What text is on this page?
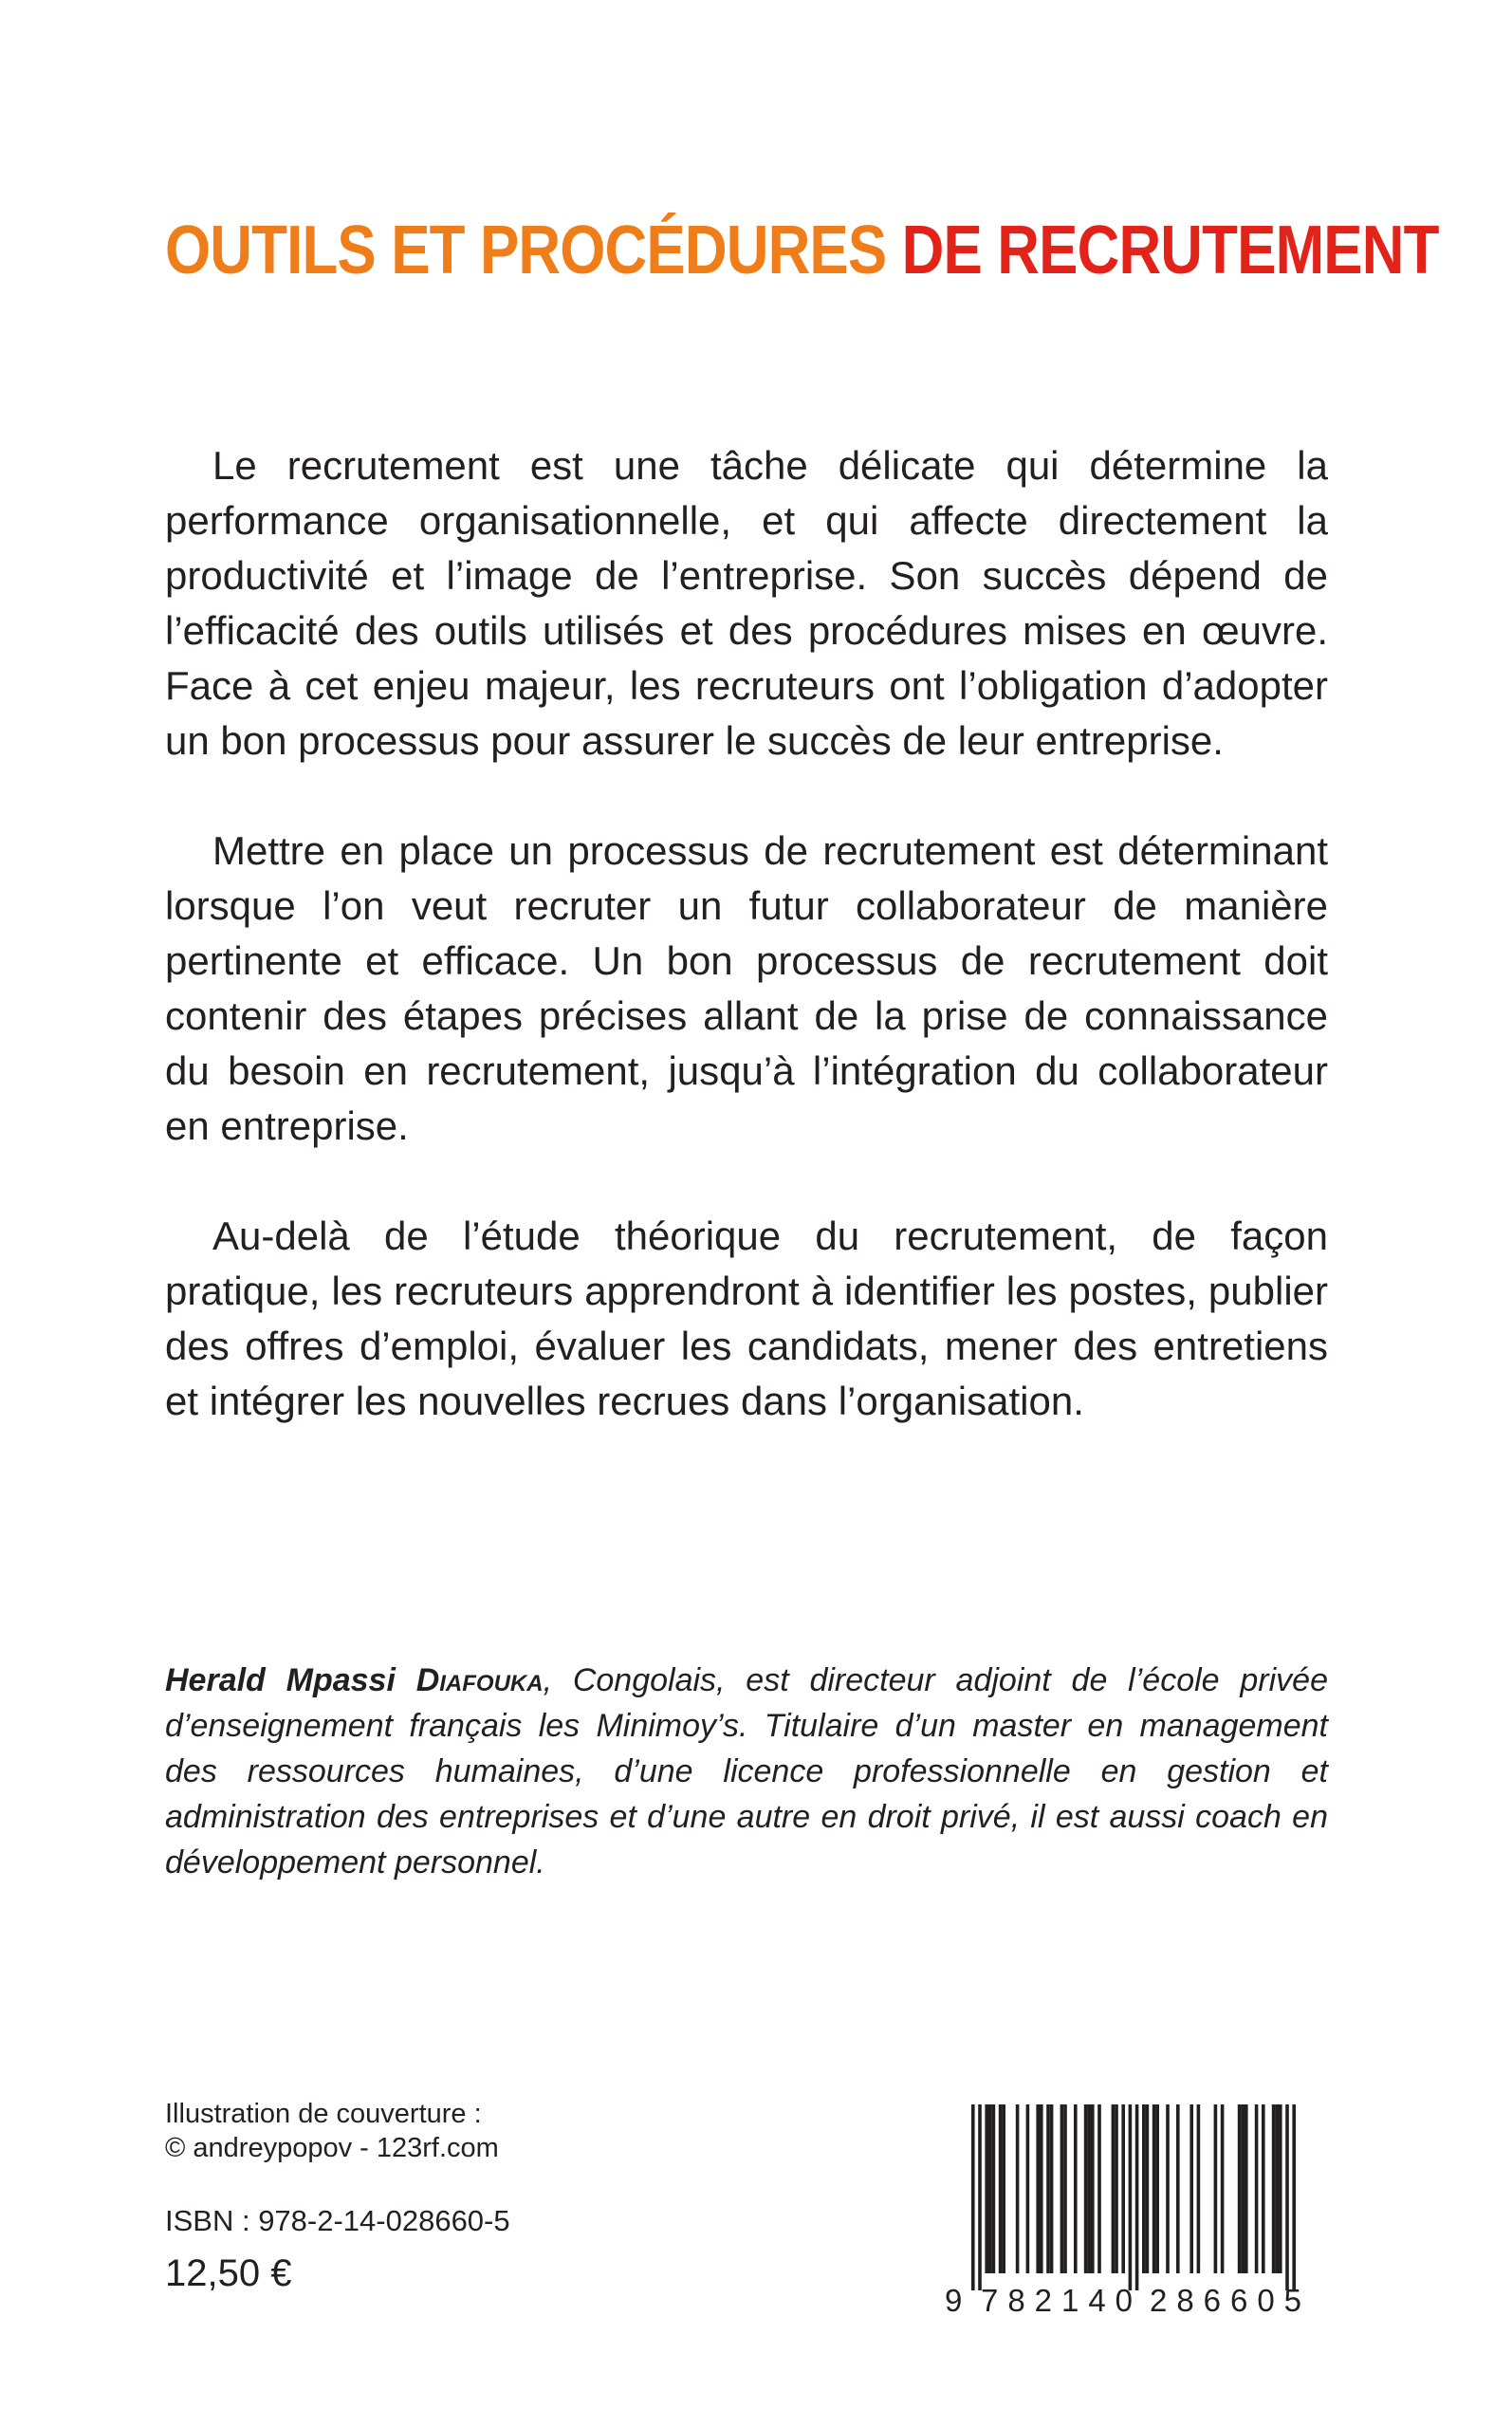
OUTILS ET PROCÉDURES DE RECRUTEMENT

Le recrutement est une tâche délicate qui détermine la performance organisationnelle, et qui affecte directement la productivité et l’image de l’entreprise. Son succès dépend de l’efficacité des outils utilisés et des procédures mises en œuvre. Face à cet enjeu majeur, les recruteurs ont l’obligation d’adopter un bon processus pour assurer le succès de leur entreprise.

Mettre en place un processus de recrutement est déterminant lorsque l’on veut recruter un futur collaborateur de manière pertinente et efficace. Un bon processus de recrutement doit contenir des étapes précises allant de la prise de connaissance du besoin en recrutement, jusqu’à l’intégration du collaborateur en entreprise.

Au-delà de l’étude théorique du recrutement, de façon pratique, les recruteurs apprendront à identifier les postes, publier des offres d’emploi, évaluer les candidats, mener des entretiens et intégrer les nouvelles recrues dans l’organisation.

Herald Mpassi Diafouka, Congolais, est directeur adjoint de l’école privée d’enseignement français les Minimoy’s. Titulaire d’un master en management des ressources humaines, d’une licence professionnelle en gestion et administration des entreprises et d’une autre en droit privé, il est aussi coach en développement personnel.

Illustration de couverture :
© andreypopov - 123rf.com
ISBN : 978-2-14-028660-5
12,50 €
9 782140 286605
